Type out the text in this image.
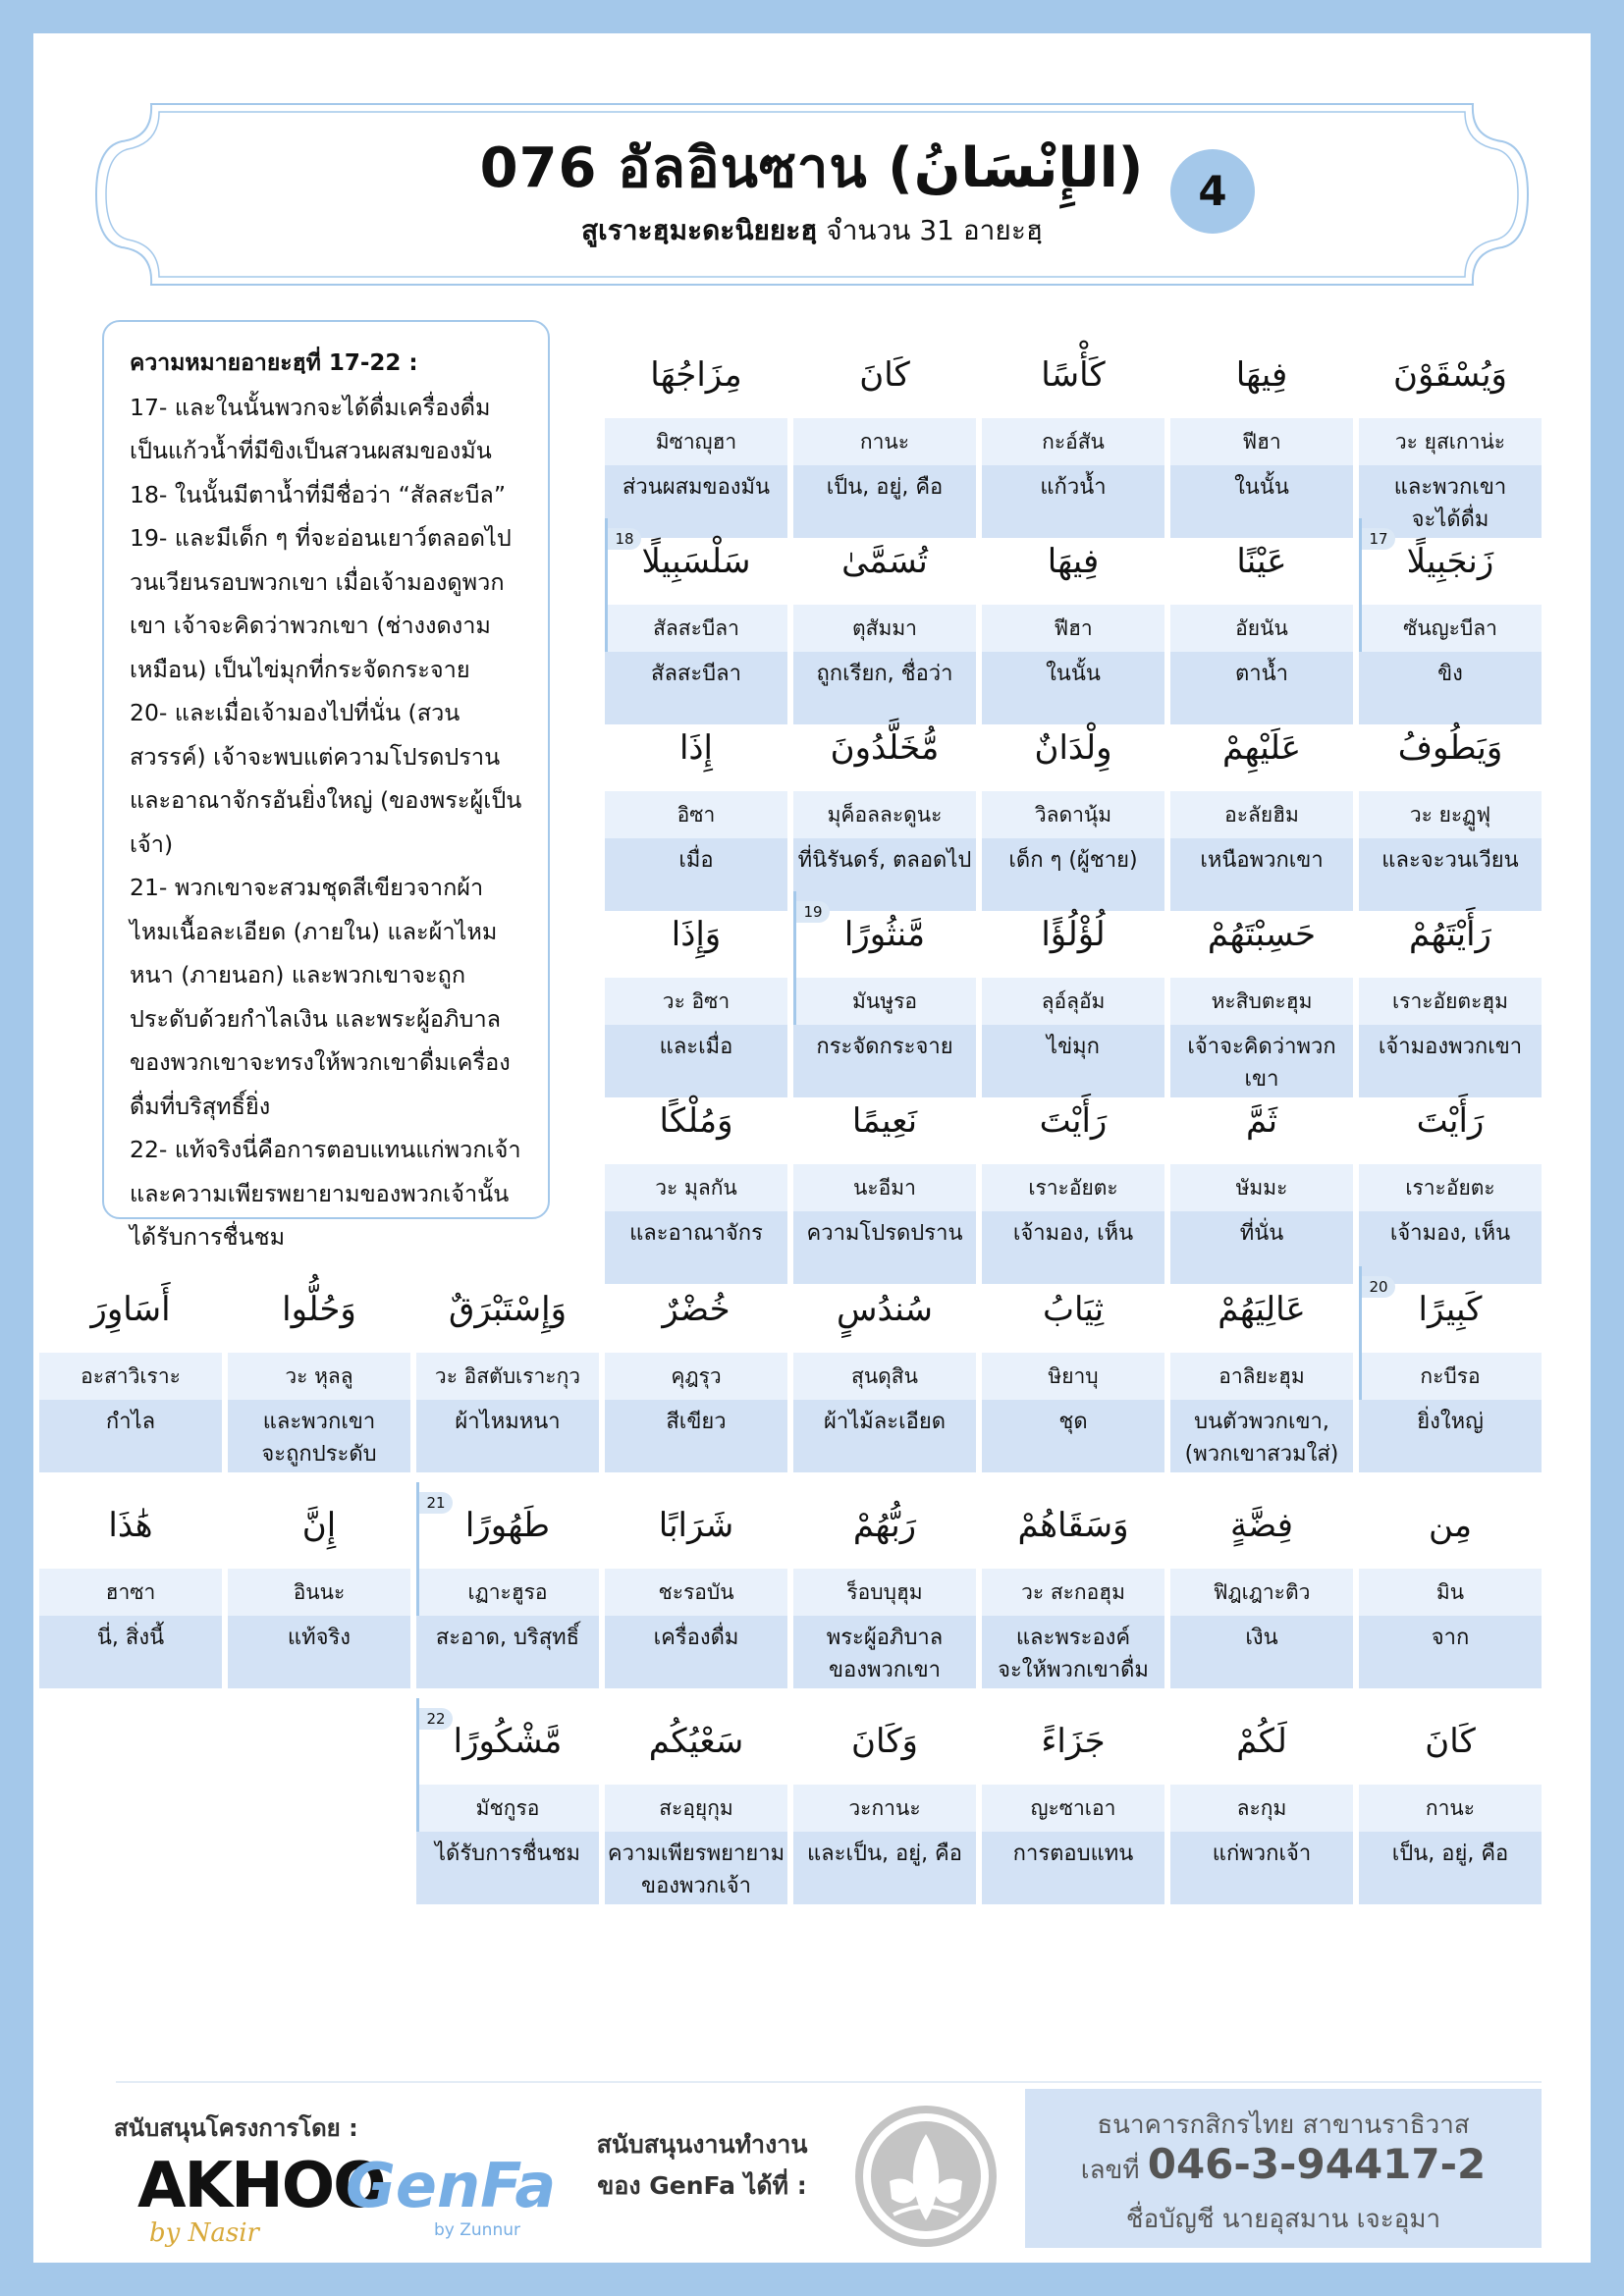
076 อัลอินซาน (الإِنْسَانُ)
สูเราะฮฺมะดะนิยยะฮฺ จำนวน 31 อายะฮฺ
4

ความหมายอายะฮฺที่ 17-22 :

17- และในนั้นพวกจะได้ดื่มเครื่องดื่มเป็นแก้วน้ำที่มีขิงเป็นสวนผสมของมัน

18- ในนั้นมีตาน้ำที่มีชื่อว่า “สัลสะบีล”

19- และมีเด็ก ๆ ที่จะอ่อนเยาว์ตลอดไปวนเวียนรอบพวกเขา เมื่อเจ้ามองดูพวกเขา เจ้าจะคิดว่าพวกเขา (ช่างงดงามเหมือน) เป็นไข่มุกที่กระจัดกระจาย

20- และเมื่อเจ้ามองไปที่นั่น (สวนสวรรค์) เจ้าจะพบแต่ความโปรดปรานและอาณาจักรอันยิ่งใหญ่ (ของพระผู้เป็นเจ้า)

21- พวกเขาจะสวมชุดสีเขียวจากผ้าไหมเนื้อละเอียด (ภายใน) และผ้าไหมหนา (ภายนอก) และพวกเขาจะถูกประดับด้วยกำไลเงิน และพระผู้อภิบาลของพวกเขาจะทรงให้พวกเขาดื่มเครื่องดื่มที่บริสุทธิ์ยิ่ง

22- แท้จริงนี่คือการตอบแทนแก่พวกเจ้าและความเพียรพยายามของพวกเจ้านั้นได้รับการชื่นชม

وَيُسْقَوْنَ
วะ ยุสเกาน่ะ
และพวกเขา
จะได้ดื่ม
فِيهَا
ฟีฮา
ในนั้น
كَأْسًا
กะอ์สัน
แก้วน้ำ
كَانَ
กานะ
เป็น, อยู่, คือ
مِزَاجُهَا
มิซาญุฮา
ส่วนผสมของมัน
زَنجَبِيلًا
ซันญะบีลา
ขิง
17
عَيْنًا
อัยนัน
ตาน้ำ
فِيهَا
ฟีฮา
ในนั้น
تُسَمَّىٰ
ตุสัมมา
ถูกเรียก, ชื่อว่า
سَلْسَبِيلًا
สัลสะบีลา
สัลสะบีลา
18
وَيَطُوفُ
วะ ยะฏูฟุ
และจะวนเวียน
عَلَيْهِمْ
อะลัยฮิม
เหนือพวกเขา
وِلْدَانٌ
วิลดานุ้ม
เด็ก ๆ (ผู้ชาย)
مُّخَلَّدُونَ
มุค็อลละดูนะ
ที่นิรันดร์, ตลอดไป
إِذَا
อิซา
เมื่อ
رَأَيْتَهُمْ
เราะอัยตะฮุม
เจ้ามองพวกเขา
حَسِبْتَهُمْ
หะสิบตะฮุม
เจ้าจะคิดว่าพวกเขา
لُؤْلُؤًا
ลุอ์ลุอัม
ไข่มุก
مَّنثُورًا
มันษูรอ
กระจัดกระจาย
19
وَإِذَا
วะ อิซา
และเมื่อ
رَأَيْتَ
เราะอัยตะ
เจ้ามอง, เห็น
ثَمَّ
ษัมมะ
ที่นั่น
رَأَيْتَ
เราะอัยตะ
เจ้ามอง, เห็น
نَعِيمًا
นะอีมา
ความโปรดปราน
وَمُلْكًا
วะ มุลกัน
และอาณาจักร
كَبِيرًا
กะบีรอ
ยิ่งใหญ่
20
عَالِيَهُمْ
อาลิยะฮุม
บนตัวพวกเขา,
(พวกเขาสวมใส่)
ثِيَابُ
ษิยาบุ
ชุด
سُندُسٍ
สุนดุสิน
ผ้าไม้ละเอียด
خُضْرٌ
คุฎรุว
สีเขียว
وَإِسْتَبْرَقٌ
วะ อิสตับเราะกุว
ผ้าไหมหนา
وَحُلُّوا
วะ หุลลู
และพวกเขา
จะถูกประดับ
أَسَاوِرَ
อะสาวิเราะ
กำไล
مِن
มิน
จาก
فِضَّةٍ
ฟิฎเฎาะติว
เงิน
وَسَقَاهُمْ
วะ สะกอฮุม
และพระองค์
จะให้พวกเขาดื่ม
رَبُّهُمْ
ร็อบบุฮุม
พระผู้อภิบาล
ของพวกเขา
شَرَابًا
ชะรอบัน
เครื่องดื่ม
طَهُورًا
เฏาะฮูรอ
สะอาด, บริสุทธิ์
21
إِنَّ
อินนะ
แท้จริง
هَٰذَا
ฮาซา
นี่, สิ่งนี้
كَانَ
กานะ
เป็น, อยู่, คือ
لَكُمْ
ละกุม
แก่พวกเจ้า
جَزَاءً
ญะซาเอา
การตอบแทน
وَكَانَ
วะกานะ
และเป็น, อยู่, คือ
سَعْيُكُم
สะอฺยุกุม
ความเพียรพยายาม
ของพวกเจ้า
مَّشْكُورًا
มัชกูรอ
ได้รับการชื่นชม
22
สนับสนุนโครงการโดย :
AKHOO
by Nasir
GenFa
by Zunnur
สนับสนุนงานทำงาน
ของ GenFa ได้ที่ :
ธนาคารกสิกรไทย สาขานราธิวาส
เลขที่ 046-3-94417-2
ชื่อบัญชี นายอุสมาน เจะอุมา
